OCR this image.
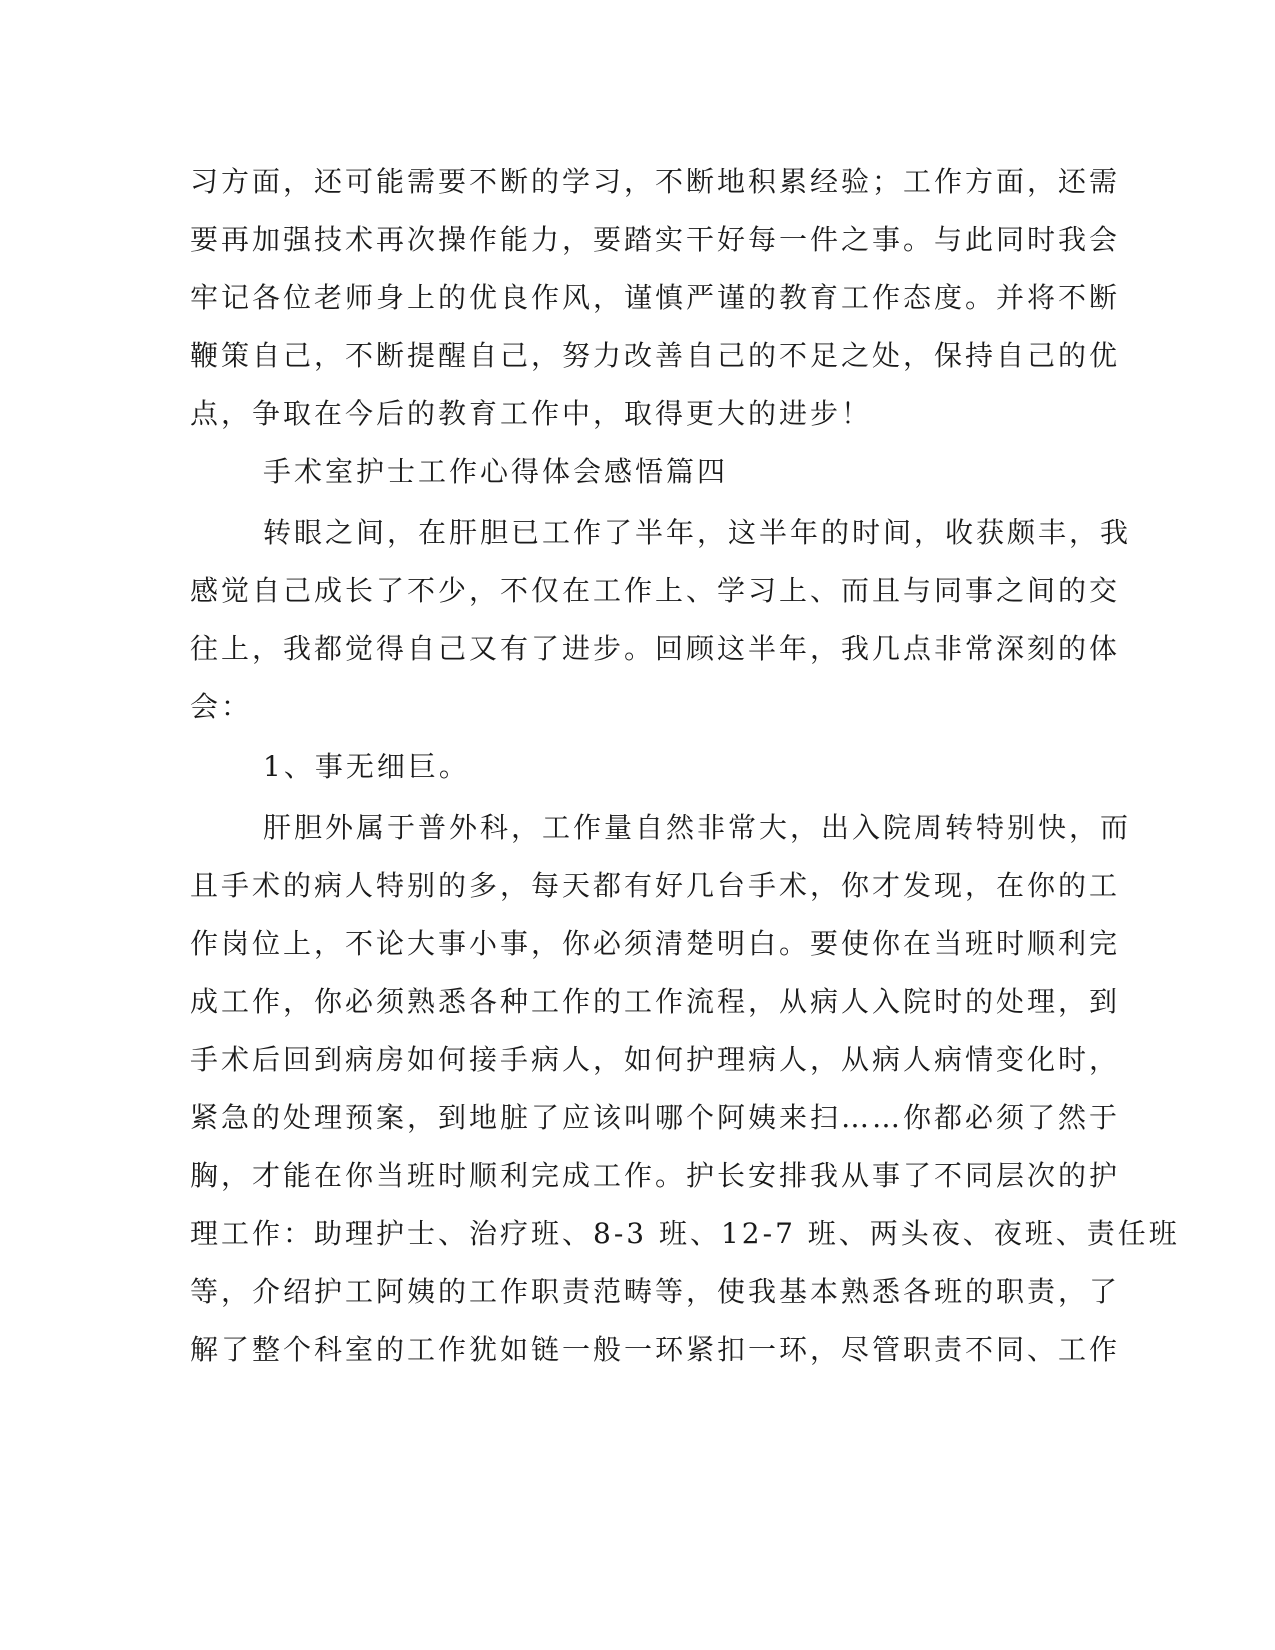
习方面，还可能需要不断的学习，不断地积累经验；工作方面，还需
要再加强技术再次操作能力，要踏实干好每一件之事。与此同时我会
牢记各位老师身上的优良作风，谨慎严谨的教育工作态度。并将不断
鞭策自己，不断提醒自己，努力改善自己的不足之处，保持自己的优
点，争取在今后的教育工作中，取得更大的进步！
手术室护士工作心得体会感悟篇四
转眼之间，在肝胆已工作了半年，这半年的时间，收获颇丰，我
感觉自己成长了不少，不仅在工作上、学习上、而且与同事之间的交
往上，我都觉得自己又有了进步。回顾这半年，我几点非常深刻的体
会：
1、事无细巨。
肝胆外属于普外科，工作量自然非常大，出入院周转特别快，而
且手术的病人特别的多，每天都有好几台手术，你才发现，在你的工
作岗位上，不论大事小事，你必须清楚明白。要使你在当班时顺利完
成工作，你必须熟悉各种工作的工作流程，从病人入院时的处理，到
手术后回到病房如何接手病人，如何护理病人，从病人病情变化时，
紧急的处理预案，到地脏了应该叫哪个阿姨来扫……你都必须了然于
胸，才能在你当班时顺利完成工作。护长安排我从事了不同层次的护
理工作：助理护士、治疗班、8-3 班、12-7 班、两头夜、夜班、责任班
等，介绍护工阿姨的工作职责范畴等，使我基本熟悉各班的职责，了
解了整个科室的工作犹如链一般一环紧扣一环，尽管职责不同、工作
